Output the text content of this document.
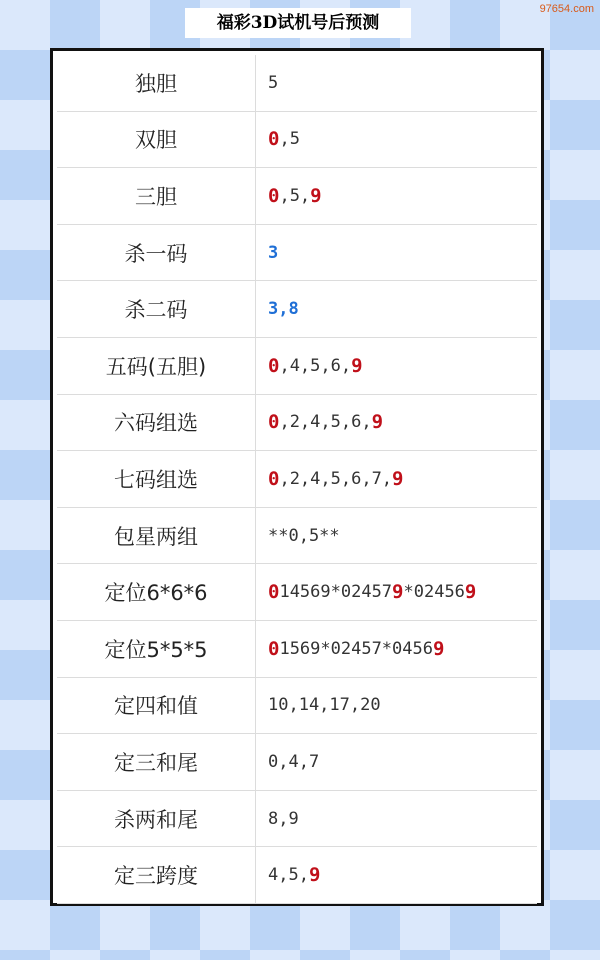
97654.com
福彩3D试机号后预测
独胆	5
双胆	0 ,5
三胆	0 ,5, 9
杀一码	3
杀二码	3,8
五码(五胆)	0 ,4,5,6, 9
六码组选	0 ,2,4,5,6, 9
七码组选	0 ,2,4,5,6,7, 9
包星两组	**0,5**
定位6*6*6	0 14569*02457 9 *02456 9
定位5*5*5	0 1569*02457*0456 9
定四和值	10,14,17,20
定三和尾	0,4,7
杀两和尾	8,9
定三跨度	4,5, 9
